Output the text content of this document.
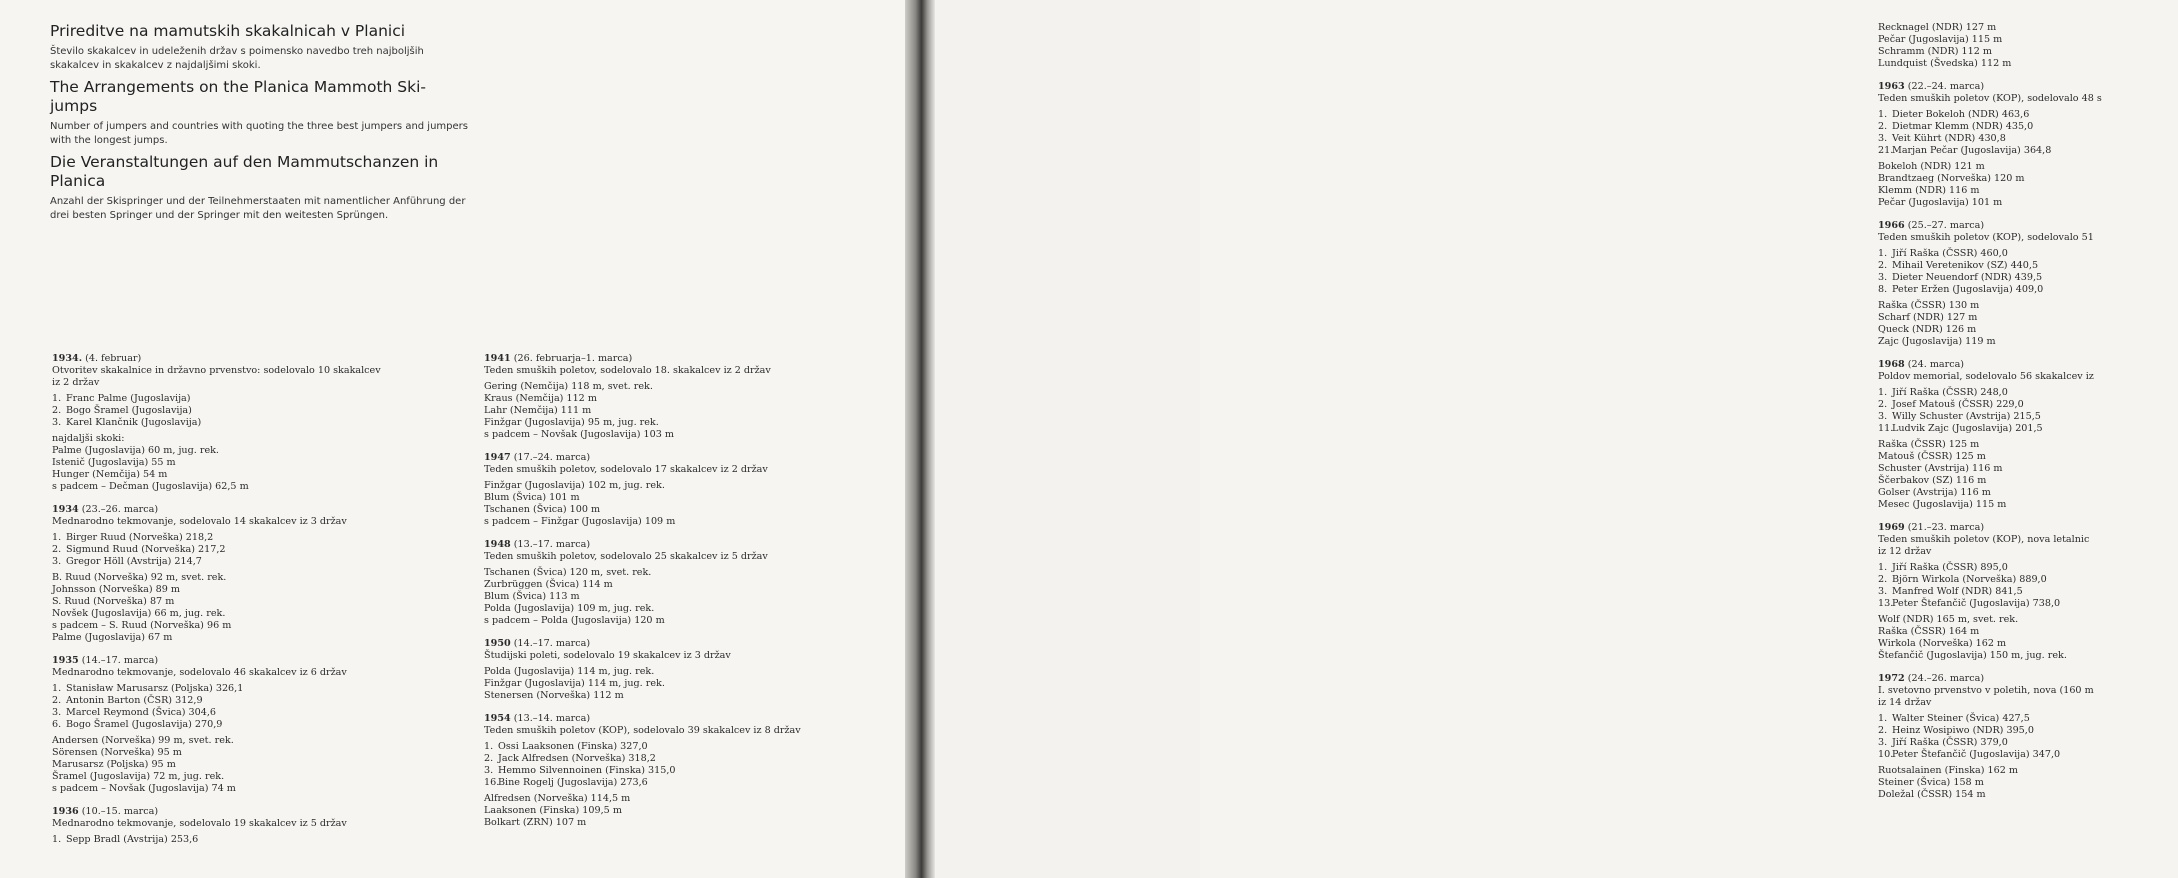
Prireditve na mamutskih skakalnicah v Planici

Število skakalcev in udeleženih držav s poimensko navedbo treh najboljših skakalcev in skakalcev z najdaljšimi skoki.

The Arrangements on the Planica Mammoth Ski-jumps

Number of jumpers and countries with quoting the three best jumpers and jumpers with the longest jumps.

Die Veranstaltungen auf den Mammutschanzen in Planica

Anzahl der Skispringer und der Teilnehmerstaaten mit namentlicher Anführung der drei besten Springer und der Springer mit den weitesten Sprüngen.

1934. (4. februar)
Otvoritev skakalnice in državno prvenstvo: sodelovalo 10 skakalcev
iz 2 držav
1. Franc Palme (Jugoslavija)
2. Bogo Šramel (Jugoslavija)
3. Karel Klančnik (Jugoslavija)
najdaljši skoki:
Palme (Jugoslavija) 60 m, jug. rek.
Istenič (Jugoslavija) 55 m
Hunger (Nemčija) 54 m
s padcem – Dečman (Jugoslavija) 62,5 m
1934 (23.–26. marca)
Mednarodno tekmovanje, sodelovalo 14 skakalcev iz 3 držav
1. Birger Ruud (Norveška) 218,2
2. Sigmund Ruud (Norveška) 217,2
3. Gregor Höll (Avstrija) 214,7
B. Ruud (Norveška) 92 m, svet. rek.
Johnsson (Norveška) 89 m
S. Ruud (Norveška) 87 m
Novšek (Jugoslavija) 66 m, jug. rek.
s padcem – S. Ruud (Norveška) 96 m
Palme (Jugoslavija) 67 m
1935 (14.–17. marca)
Mednarodno tekmovanje, sodelovalo 46 skakalcev iz 6 držav
1. Stanisław Marusarsz (Poljska) 326,1
2. Antonin Barton (ČSR) 312,9
3. Marcel Reymond (Švica) 304,6
6. Bogo Šramel (Jugoslavija) 270,9
Andersen (Norveška) 99 m, svet. rek.
Sörensen (Norveška) 95 m
Marusarsz (Poljska) 95 m
Šramel (Jugoslavija) 72 m, jug. rek.
s padcem – Novšak (Jugoslavija) 74 m
1936 (10.–15. marca)
Mednarodno tekmovanje, sodelovalo 19 skakalcev iz 5 držav
1. Sepp Bradl (Avstrija) 253,6
1941 (26. februarja–1. marca)
Teden smuških poletov, sodelovalo 18. skakalcev iz 2 držav
Gering (Nemčija) 118 m, svet. rek.
Kraus (Nemčija) 112 m
Lahr (Nemčija) 111 m
Finžgar (Jugoslavija) 95 m, jug. rek.
s padcem – Novšak (Jugoslavija) 103 m
1947 (17.–24. marca)
Teden smuških poletov, sodelovalo 17 skakalcev iz 2 držav
Finžgar (Jugoslavija) 102 m, jug. rek.
Blum (Švica) 101 m
Tschanen (Švica) 100 m
s padcem – Finžgar (Jugoslavija) 109 m
1948 (13.–17. marca)
Teden smuških poletov, sodelovalo 25 skakalcev iz 5 držav
Tschanen (Švica) 120 m, svet. rek.
Zurbrüggen (Švica) 114 m
Blum (Švica) 113 m
Polda (Jugoslavija) 109 m, jug. rek.
s padcem – Polda (Jugoslavija) 120 m
1950 (14.–17. marca)
Študijski poleti, sodelovalo 19 skakalcev iz 3 držav
Polda (Jugoslavija) 114 m, jug. rek.
Finžgar (Jugoslavija) 114 m, jug. rek.
Stenersen (Norveška) 112 m
1954 (13.–14. marca)
Teden smuških poletov (KOP), sodelovalo 39 skakalcev iz 8 držav
1. Ossi Laaksonen (Finska) 327,0
2. Jack Alfredsen (Norveška) 318,2
3. Hemmo Silvennoinen (Finska) 315,0
16.Bine Rogelj (Jugoslavija) 273,6
Alfredsen (Norveška) 114,5 m
Laaksonen (Finska) 109,5 m
Bolkart (ZRN) 107 m
Recknagel (NDR) 127 m
Pečar (Jugoslavija) 115 m
Schramm (NDR) 112 m
Lundquist (Švedska) 112 m
1963 (22.–24. marca)
Teden smuških poletov (KOP), sodelovalo 48 s
1. Dieter Bokeloh (NDR) 463,6
2. Dietmar Klemm (NDR) 435,0
3. Veit Kührt (NDR) 430,8
21.Marjan Pečar (Jugoslavija) 364,8
Bokeloh (NDR) 121 m
Brandtzaeg (Norveška) 120 m
Klemm (NDR) 116 m
Pečar (Jugoslavija) 101 m
1966 (25.–27. marca)
Teden smuških poletov (KOP), sodelovalo 51
1. Jiří Raška (ČSSR) 460,0
2. Mihail Veretenikov (SZ) 440,5
3. Dieter Neuendorf (NDR) 439,5
8. Peter Eržen (Jugoslavija) 409,0
Raška (ČSSR) 130 m
Scharf (NDR) 127 m
Queck (NDR) 126 m
Zajc (Jugoslavija) 119 m
1968 (24. marca)
Poldov memorial, sodelovalo 56 skakalcev iz
1. Jiří Raška (ČSSR) 248,0
2. Josef Matouš (ČSSR) 229,0
3. Willy Schuster (Avstrija) 215,5
11.Ludvik Zajc (Jugoslavija) 201,5
Raška (ČSSR) 125 m
Matouš (ČSSR) 125 m
Schuster (Avstrija) 116 m
Ščerbakov (SZ) 116 m
Golser (Avstrija) 116 m
Mesec (Jugoslavija) 115 m
1969 (21.–23. marca)
Teden smuških poletov (KOP), nova letalnic
iz 12 držav
1. Jiří Raška (ČSSR) 895,0
2. Björn Wirkola (Norveška) 889,0
3. Manfred Wolf (NDR) 841,5
13.Peter Štefančič (Jugoslavija) 738,0
Wolf (NDR) 165 m, svet. rek.
Raška (ČSSR) 164 m
Wirkola (Norveška) 162 m
Štefančič (Jugoslavija) 150 m, jug. rek.
1972 (24.–26. marca)
I. svetovno prvenstvo v poletih, nova (160 m
iz 14 držav
1. Walter Steiner (Švica) 427,5
2. Heinz Wosipiwo (NDR) 395,0
3. Jiří Raška (ČSSR) 379,0
10.Peter Štefančič (Jugoslavija) 347,0
Ruotsalainen (Finska) 162 m
Steiner (Švica) 158 m
Doležal (ČSSR) 154 m
